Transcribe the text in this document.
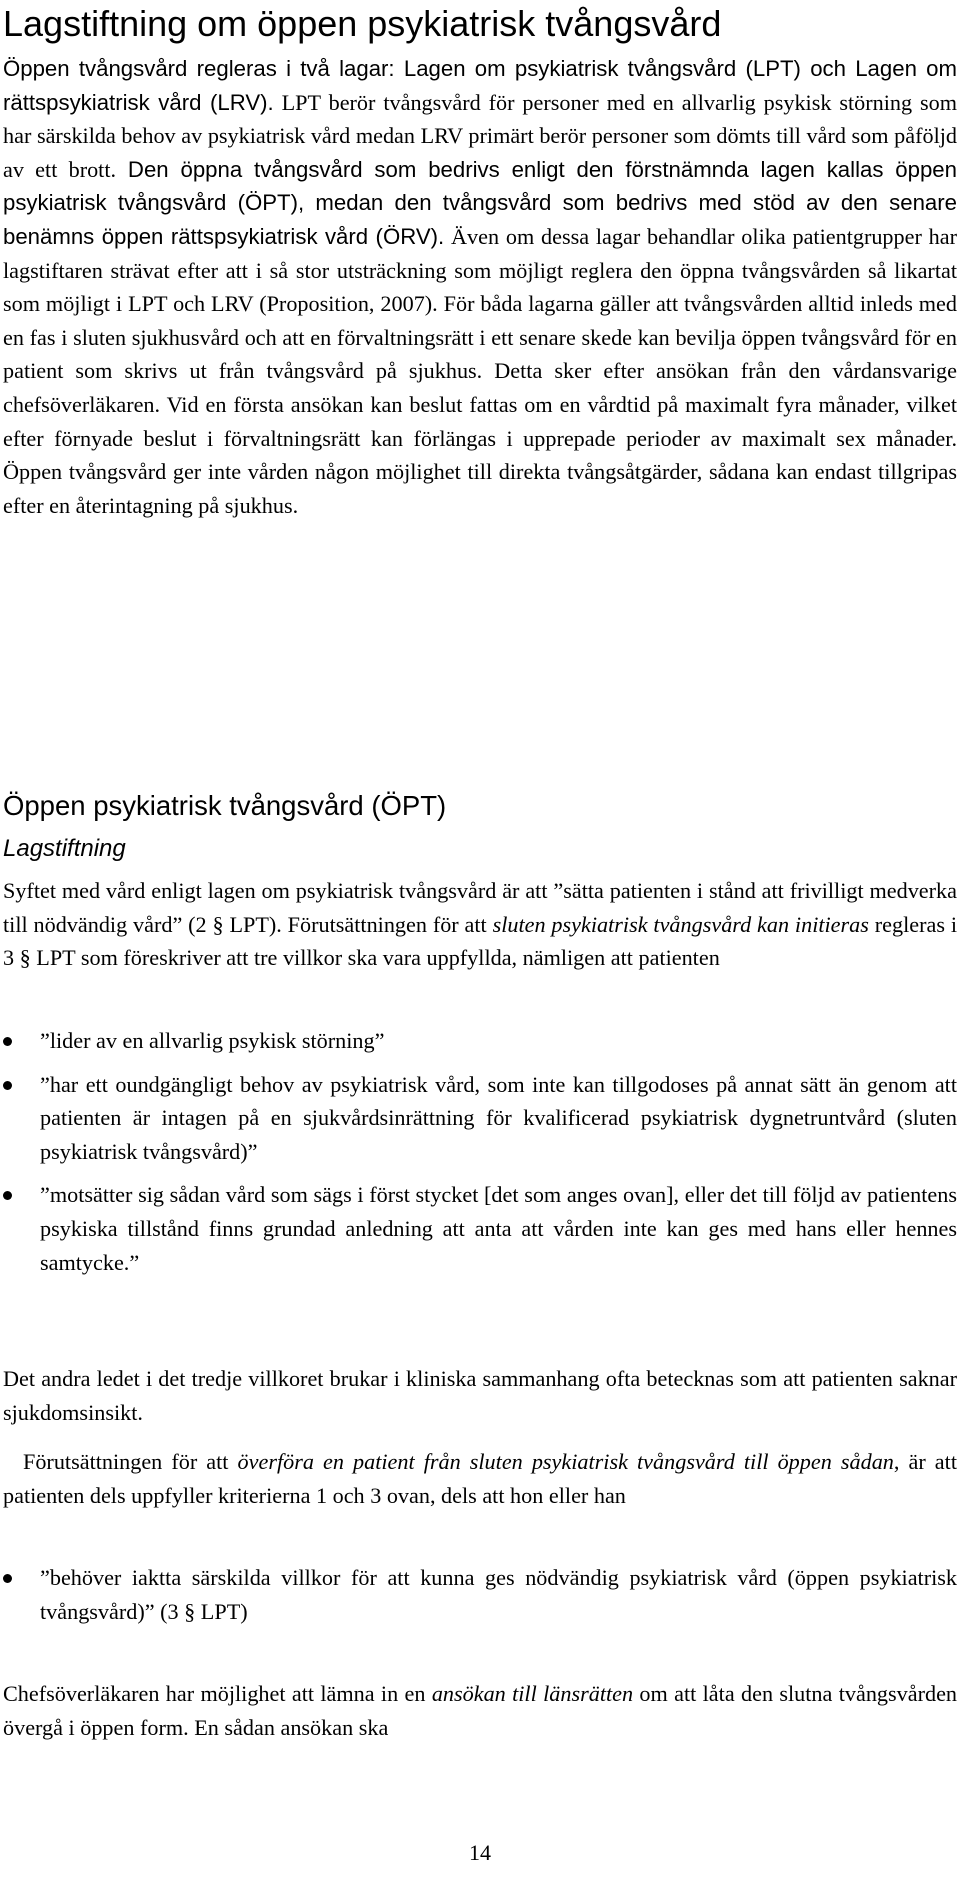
Lagstiftning om öppen psykiatrisk tvångsvård

Öppen tvångsvård regleras i två lagar: Lagen om psykiatrisk tvångsvård (LPT) och Lagen om rättspsykiatrisk vård (LRV). LPT berör tvångsvård för personer med en allvarlig psykisk störning som har särskilda behov av psykiatrisk vård medan LRV primärt berör personer som dömts till vård som påföljd av ett brott. Den öppna tvångsvård som bedrivs enligt den förstnämnda lagen kallas öppen psykiatrisk tvångsvård (ÖPT), medan den tvångsvård som bedrivs med stöd av den senare benämns öppen rättspsykiatrisk vård (ÖRV). Även om dessa lagar behandlar olika patientgrupper har lagstiftaren strävat efter att i så stor utsträckning som möjligt reglera den öppna tvångsvården så likartat som möjligt i LPT och LRV (Proposition, 2007). För båda lagarna gäller att tvångsvården alltid inleds med en fas i sluten sjukhusvård och att en förvaltningsrätt i ett senare skede kan bevilja öppen tvångsvård för en patient som skrivs ut från tvångsvård på sjukhus. Detta sker efter ansökan från den vårdansvarige chefsöverläkaren. Vid en första ansökan kan beslut fattas om en vårdtid på maximalt fyra månader, vilket efter förnyade beslut i förvaltningsrätt kan förlängas i upprepade perioder av maximalt sex månader. Öppen tvångsvård ger inte vården någon möjlighet till direkta tvångsåtgärder, sådana kan endast tillgripas efter en återintagning på sjukhus.

Öppen psykiatrisk tvångsvård (ÖPT)
Lagstiftning

Syftet med vård enligt lagen om psykiatrisk tvångsvård är att ”sätta patienten i stånd att frivilligt medverka till nödvändig vård” (2 § LPT). Förutsättningen för att sluten psykiatrisk tvångsvård kan initieras regleras i 3 § LPT som föreskriver att tre villkor ska vara uppfyllda, nämligen att patienten

”lider av en allvarlig psykisk störning”
”har ett oundgängligt behov av psykiatrisk vård, som inte kan tillgodoses på annat sätt än genom att patienten är intagen på en sjukvårdsinrättning för kvalificerad psykiatrisk dygnetruntvård (sluten psykiatrisk tvångsvård)”
”motsätter sig sådan vård som sägs i först stycket [det som anges ovan], eller det till följd av patientens psykiska tillstånd finns grundad anledning att anta att vården inte kan ges med hans eller hennes samtycke.”

Det andra ledet i det tredje villkoret brukar i kliniska sammanhang ofta betecknas som att patienten saknar sjukdomsinsikt.

Förutsättningen för att överföra en patient från sluten psykiatrisk tvångsvård till öppen sådan, är att patienten dels uppfyller kriterierna 1 och 3 ovan, dels att hon eller han

”behöver iaktta särskilda villkor för att kunna ges nödvändig psykiatrisk vård (öppen psykiatrisk tvångsvård)” (3 § LPT)

Chefsöverläkaren har möjlighet att lämna in en ansökan till länsrätten om att låta den slutna tvångsvården övergå i öppen form. En sådan ansökan ska

14
